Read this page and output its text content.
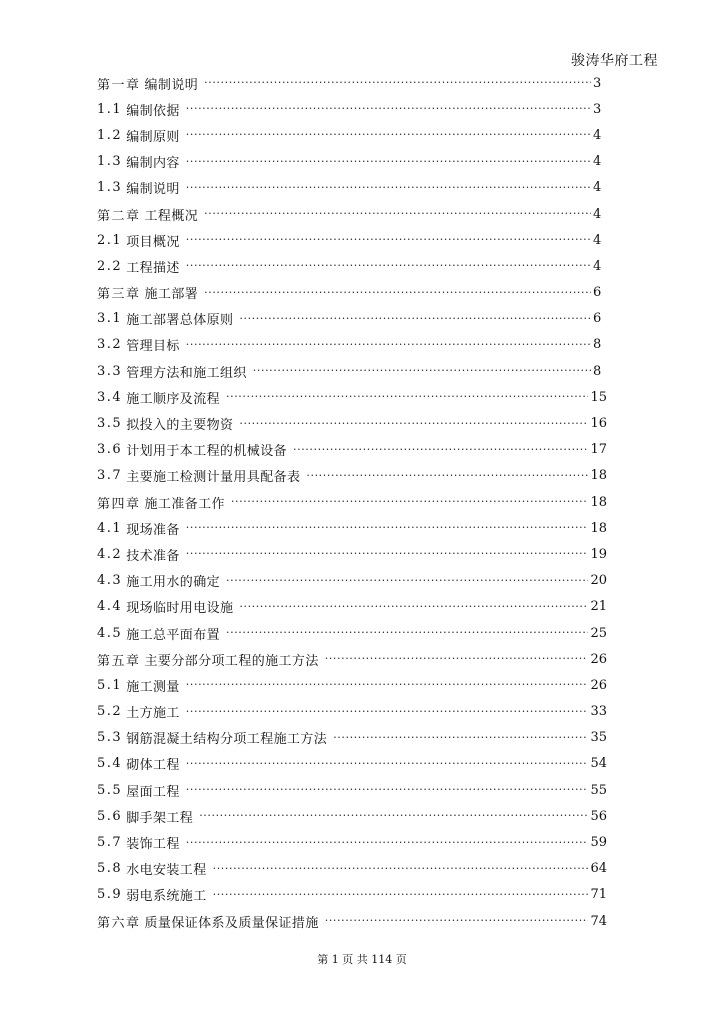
骏涛华府工程
第一章 编制说明 ·····	3
1.1 编制依据 ·····	3
1.2 编制原则 ·····	4
1.3 编制内容 ·····	4
1.3 编制说明 ·····	4
第二章 工程概况 ·····	4
2.1 项目概况 ·····	4
2.2 工程描述 ·····	4
第三章 施工部署 ·····	6
3.1 施工部署总体原则 ·····	6
3.2 管理目标 ·····	8
3.3 管理方法和施工组织 ·····	8
3.4 施工顺序及流程 ·····	15
3.5 拟投入的主要物资 ·····	16
3.6 计划用于本工程的机械设备 ·····	17
3.7 主要施工检测计量用具配备表 ·····	18
第四章 施工准备工作 ·····	18
4.1 现场准备 ·····	18
4.2 技术准备 ·····	19
4.3 施工用水的确定 ·····	20
4.4 现场临时用电设施 ·····	21
4.5 施工总平面布置 ·····	25
第五章 主要分部分项工程的施工方法 ·····	26
5.1 施工测量 ·····	26
5.2 土方施工 ·····	33
5.3 钢筋混凝土结构分项工程施工方法 ·····	35
5.4 砌体工程 ·····	54
5.5 屋面工程 ·····	55
5.6 脚手架工程 ·····	56
5.7 装饰工程 ·····	59
5.8 水电安装工程 ·····	64
5.9 弱电系统施工 ·····	71
第六章 质量保证体系及质量保证措施 ·····	74
第 1 页 共 114 页
